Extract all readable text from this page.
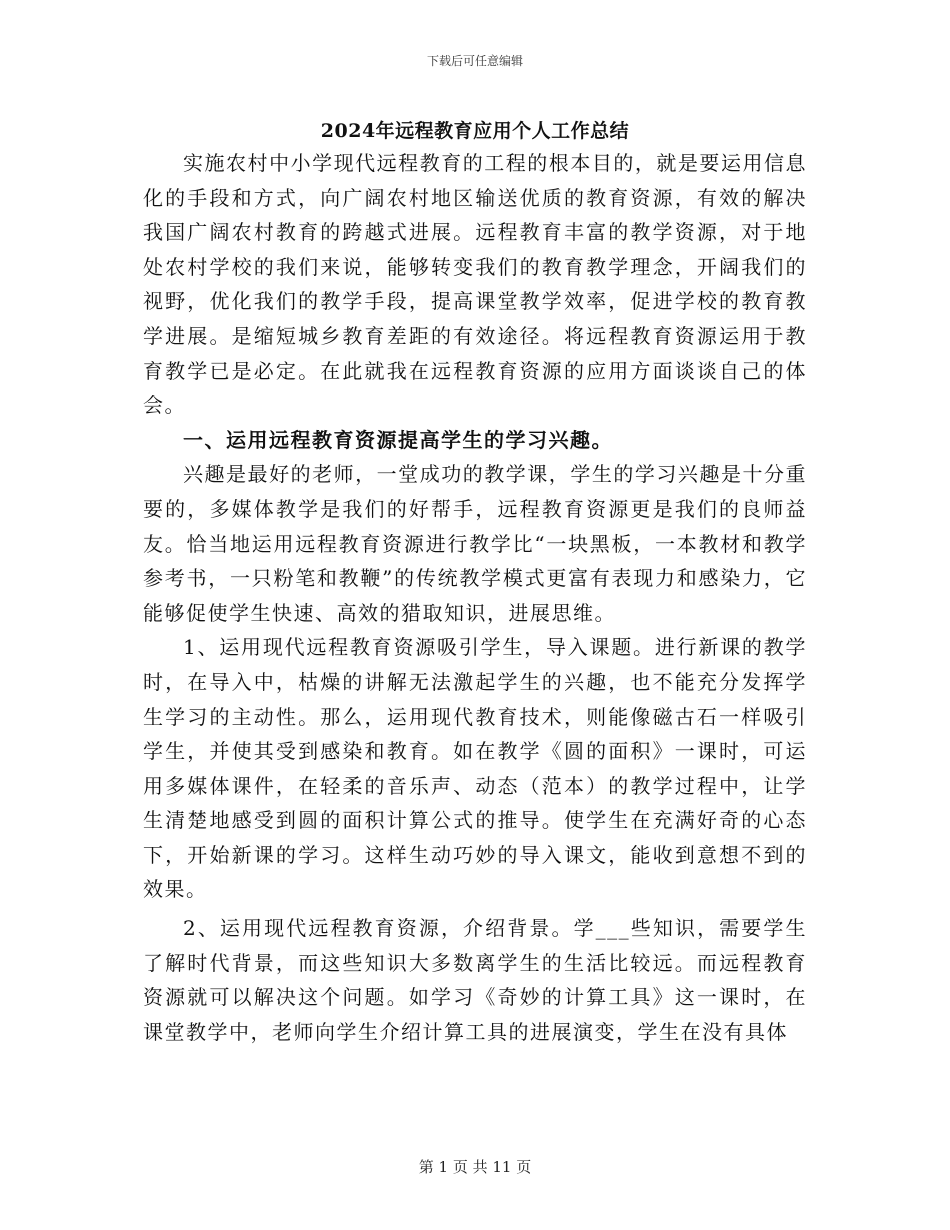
下载后可任意编辑
2024年远程教育应用个人工作总结

实施农村中小学现代远程教育的工程的根本目的，就是要运用信息化的手段和方式，向广阔农村地区输送优质的教育资源，有效的解决我国广阔农村教育的跨越式进展。远程教育丰富的教学资源，对于地处农村学校的我们来说，能够转变我们的教育教学理念，开阔我们的视野，优化我们的教学手段，提高课堂教学效率，促进学校的教育教学进展。是缩短城乡教育差距的有效途径。将远程教育资源运用于教育教学已是必定。在此就我在远程教育资源的应用方面谈谈自己的体会。

一、运用远程教育资源提高学生的学习兴趣。

兴趣是最好的老师，一堂成功的教学课，学生的学习兴趣是十分重要的，多媒体教学是我们的好帮手，远程教育资源更是我们的良师益友。恰当地运用远程教育资源进行教学比“一块黑板，一本教材和教学参考书，一只粉笔和教鞭”的传统教学模式更富有表现力和感染力，它能够促使学生快速、高效的猎取知识，进展思维。

1、运用现代远程教育资源吸引学生，导入课题。进行新课的教学时，在导入中，枯燥的讲解无法激起学生的兴趣，也不能充分发挥学生学习的主动性。那么，运用现代教育技术，则能像磁古石一样吸引学生，并使其受到感染和教育。如在教学《圆的面积》一课时，可运用多媒体课件，在轻柔的音乐声、动态（范本）的教学过程中，让学生清楚地感受到圆的面积计算公式的推导。使学生在充满好奇的心态下，开始新课的学习。这样生动巧妙的导入课文，能收到意想不到的效果。

2、运用现代远程教育资源，介绍背景。学___些知识，需要学生了解时代背景，而这些知识大多数离学生的生活比较远。而远程教育资源就可以解决这个问题。如学习《奇妙的计算工具》这一课时，在课堂教学中，老师向学生介绍计算工具的进展演变，学生在没有具体

第 1 页 共 11 页
